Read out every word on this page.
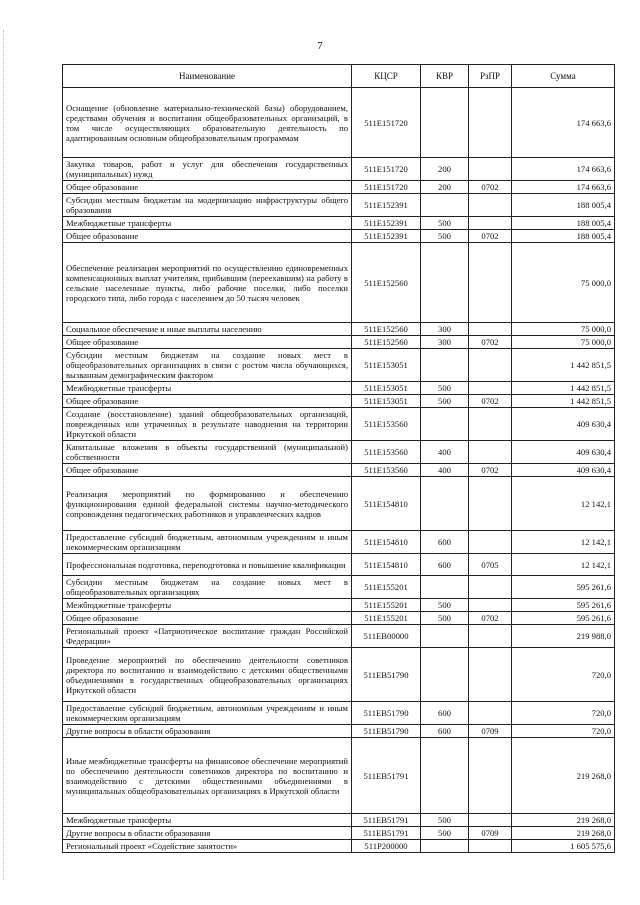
7
Наименование	КЦСР	КВР	РзПР	Сумма
Оснащение (обновление материально-технической базы) оборудованием, средствами обучения и воспитания общеобразовательных организаций, в том числе осуществляющих образовательную деятельность по адаптированным основным общеобразовательным программам	511Е151720			174 663,6
Закупка товаров, работ и услуг для обеспечения государственных (муниципальных) нужд	511Е151720	200		174 663,6
Общее образование	511Е151720	200	0702	174 663,6
Субсидии местным бюджетам на модернизацию инфраструктуры общего образования	511Е152391			188 005,4
Межбюджетные трансферты	511Е152391	500		188 005,4
Общее образование	511Е152391	500	0702	188 005,4
Обеспечение реализации мероприятий по осуществлению единовременных компенсационных выплат учителям, прибывшим (переехавшим) на работу в сельские населенные пункты, либо рабочие поселки, либо поселки городского типа, либо города с населением до 50 тысяч человек	511Е152560			75 000,0
Социальное обеспечение и иные выплаты населению	511Е152560	300		75 000,0
Общее образование	511Е152560	300	0702	75 000,0
Субсидии местным бюджетам на создание новых мест в общеобразовательных организациях в связи с ростом числа обучающихся, вызванным демографическим фактором	511Е153051			1 442 851,5
Межбюджетные трансферты	511Е153051	500		1 442 851,5
Общее образование	511Е153051	500	0702	1 442 851,5
Создание (восстановление) зданий общеобразовательных организаций, поврежденных или утраченных в результате наводнения на территории Иркутской области	511Е153560			409 630,4
Капитальные вложения в объекты государственной (муниципальной) собственности	511Е153560	400		409 630,4
Общее образование	511Е153560	400	0702	409 630,4
Реализация мероприятий по формированию и обеспечению функционирования единой федеральной системы научно-методического сопровождения педагогических работников и управленческих кадров	511Е154810			12 142,1
Предоставление субсидий бюджетным, автономным учреждениям и иным некоммерческим организациям	511Е154810	600		12 142,1
Профессиональная подготовка, переподготовка и повышение квалификации	511Е154810	600	0705	12 142,1
Субсидии местным бюджетам на создание новых мест в общеобразовательных организациях	511Е155201			595 261,6
Межбюджетные трансферты	511Е155201	500		595 261,6
Общее образование	511Е155201	500	0702	595 261,6
Региональный проект «Патриотическое воспитание граждан Российской Федерации»	511ЕВ00000			219 988,0
Проведение мероприятий по обеспечению деятельности советников директора по воспитанию и взаимодействию с детскими общественными объединениями в государственных общеобразовательных организациях Иркутской области	511ЕВ51790			720,0
Предоставление субсидий бюджетным, автономным учреждениям и иным некоммерческим организациям	511ЕВ51790	600		720,0
Другие вопросы в области образования	511ЕВ51790	600	0709	720,0
Иные межбюджетные трансферты на финансовое обеспечение мероприятий по обеспечению деятельности советников директора по воспитанию и взаимодействию с детскими общественными объединениями в муниципальных общеобразовательных организациях в Иркутской области	511ЕВ51791			219 268,0
Межбюджетные трансферты	511ЕВ51791	500		219 268,0
Другие вопросы в области образования	511ЕВ51791	500	0709	219 268,0
Региональный проект «Содействие занятости»	511Р200000			1 605 575,6
